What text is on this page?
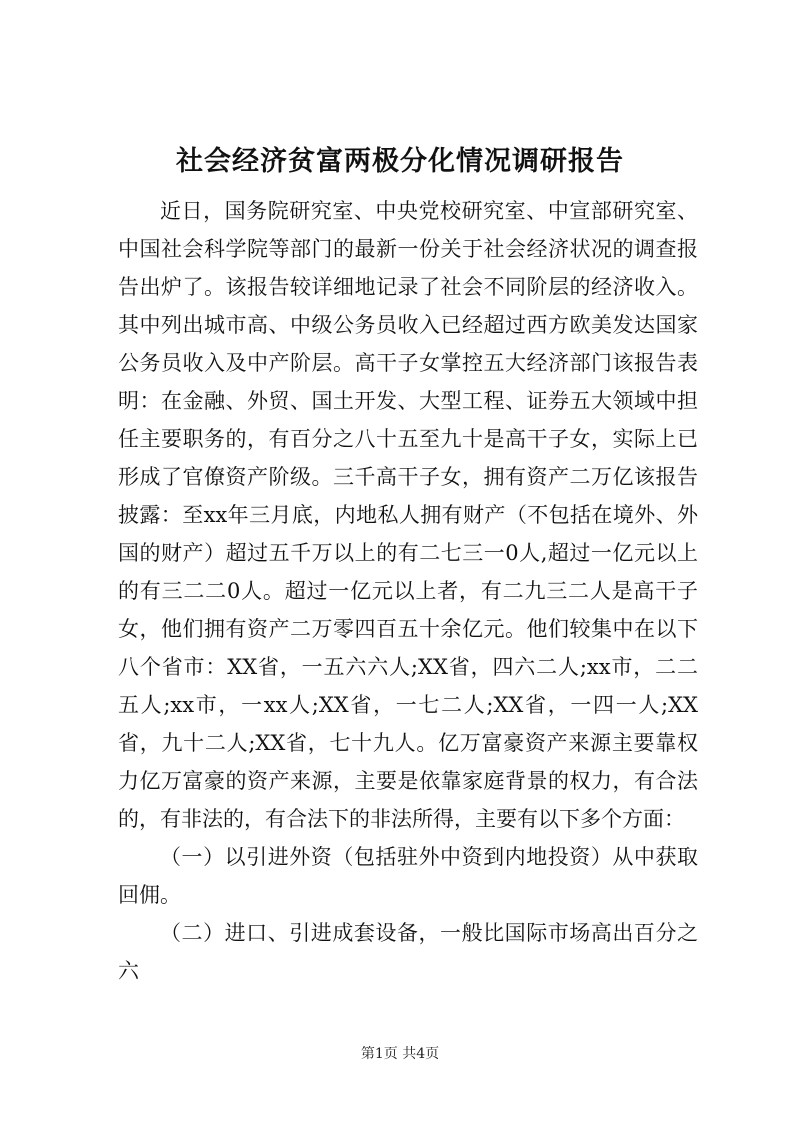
社会经济贫富两极分化情况调研报告

近日，国务院研究室、中央党校研究室、中宣部研究室、中国社会科学院等部门的最新一份关于社会经济状况的调查报告出炉了。该报告较详细地记录了社会不同阶层的经济收入。其中列出城市高、中级公务员收入已经超过西方欧美发达国家公务员收入及中产阶层。高干子女掌控五大经济部门该报告表明：在金融、外贸、国土开发、大型工程、证券五大领域中担任主要职务的，有百分之八十五至九十是高干子女，实际上已形成了官僚资产阶级。三千高干子女，拥有资产二万亿该报告披露：至xx年三月底，内地私人拥有财产（不包括在境外、外国的财产）超过五千万以上的有二七三一0人,超过一亿元以上的有三二二0人。超过一亿元以上者，有二九三二人是高干子女，他们拥有资产二万零四百五十余亿元。他们较集中在以下八个省市：XX省，一五六六人;XX省，四六二人;xx市，二二五人;xx市，一xx人;XX省，一七二人;XX省，一四一人;XX省，九十二人;XX省，七十九人。亿万富豪资产来源主要靠权力亿万富豪的资产来源，主要是依靠家庭背景的权力，有合法的，有非法的，有合法下的非法所得，主要有以下多个方面：

（一）以引进外资（包括驻外中资到内地投资）从中获取回佣。

（二）进口、引进成套设备，一般比国际市场高出百分之六

第1页 共4页
